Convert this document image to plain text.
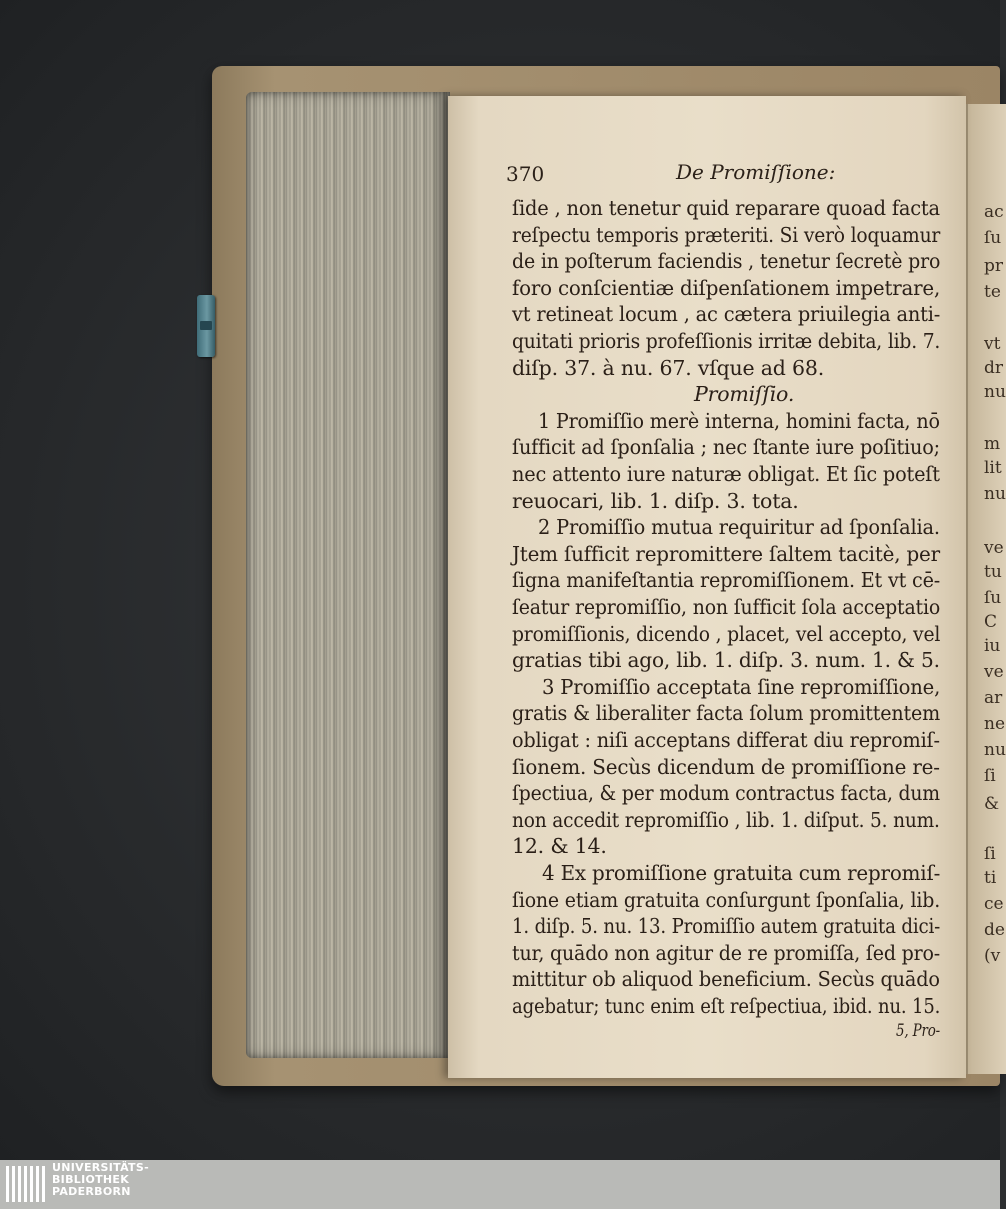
370	De Promiſſione:
ſide , non tenetur quid reparare quoad facta
reſpectu temporis præteriti. Si verò loquamur
de in poſterum faciendis , tenetur ſecretè pro
foro conſcientiæ diſpenſationem impetrare,
vt retineat locum , ac cætera priuilegia anti-
quitati prioris profeſſionis irritæ debita, lib. 7.
diſp. 37. à nu. 67. vſque ad 68.
Promiſſio.
1 Promiſſio merè interna, homini facta, nō
ſufficit ad ſponſalia ; nec ſtante iure poſitiuo;
nec attento iure naturæ obligat. Et ſic poteſt
reuocari, lib. 1. diſp. 3. tota.
2 Promiſſio mutua requiritur ad ſponſalia.
Jtem ſufficit repromittere ſaltem tacitè, per
ſigna manifeſtantia repromiſſionem. Et vt cē-
ſeatur repromiſſio, non ſufficit ſola acceptatio
promiſſionis, dicendo , placet, vel accepto, vel
gratias tibi ago, lib. 1. diſp. 3. num. 1. & 5.
3 Promiſſio acceptata ſine repromiſſione,
gratis & liberaliter facta ſolum promittentem
obligat : niſi acceptans differat diu repromiſ-
ſionem. Secùs dicendum de promiſſione re-
ſpectiua, & per modum contractus facta, dum
non accedit repromiſſio , lib. 1. diſput. 5. num.
12. & 14.
4 Ex promiſſione gratuita cum repromiſ-
ſione etiam gratuita conſurgunt ſponſalia, lib.
1. diſp. 5. nu. 13. Promiſſio autem gratuita dici-
tur, quādo non agitur de re promiſſa, ſed pro-
mittitur ob aliquod beneficium. Secùs quādo
agebatur; tunc enim eſt reſpectiua, ibid. nu. 15.
5, Pro-
ac
ſu
pr
te
vt
dr
nu
m
lit
nu
ve
tu
ſu
C
iu
ve
ar
ne
nu
ſi
&
ſi
ti
ce
de
(v
UNIVERSITÄTS-
BIBLIOTHEK
PADERBORN
